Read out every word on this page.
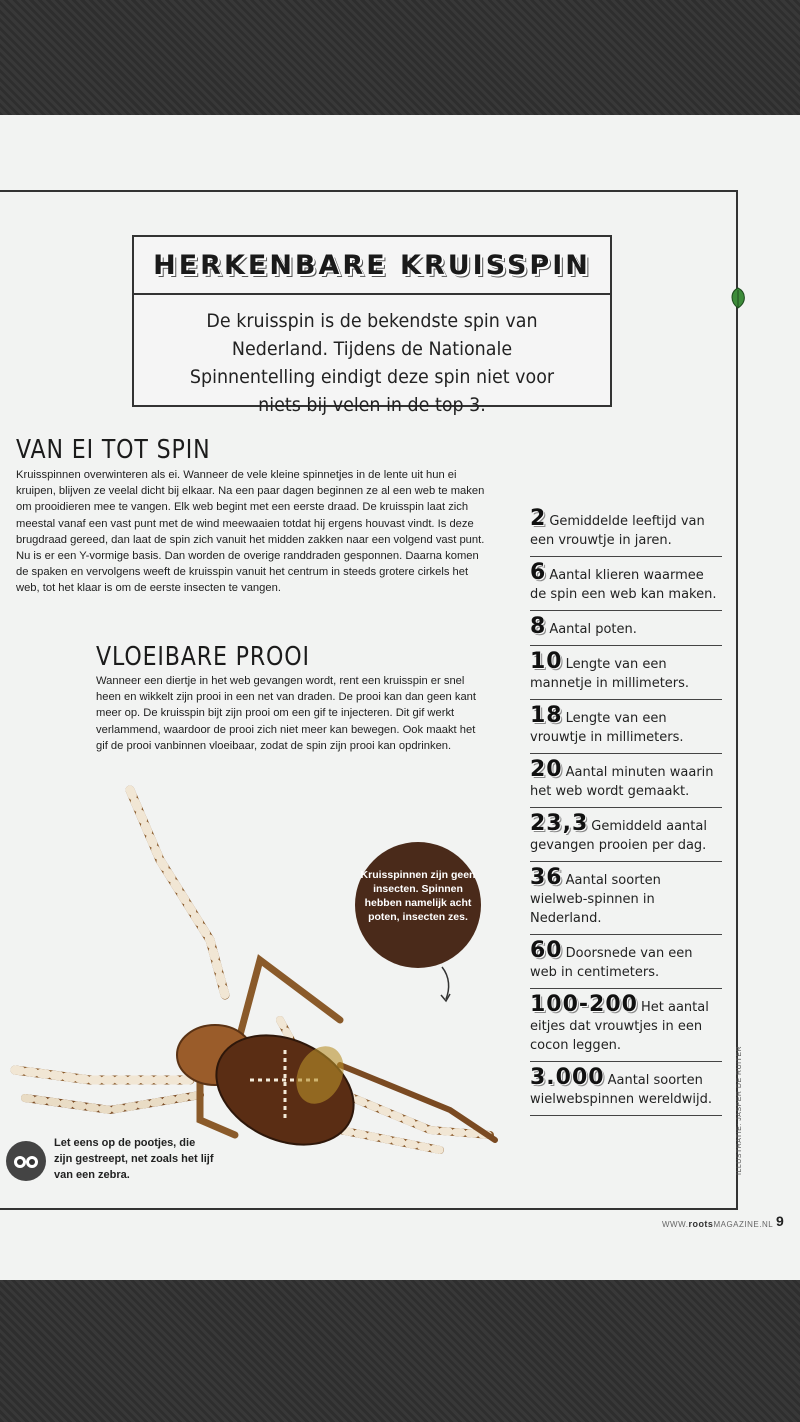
HERKENBARE KRUISSPIN

De kruisspin is de bekendste spin van Nederland. Tijdens de Nationale Spinnentelling eindigt deze spin niet voor niets bij velen in de top 3.

VAN EI TOT SPIN
Kruisspinnen overwinteren als ei. Wanneer de vele kleine spinnetjes in de lente uit hun ei kruipen, blijven ze veelal dicht bij elkaar. Na een paar dagen beginnen ze al een web te maken om prooidieren mee te vangen. Elk web begint met een eerste draad. De kruisspin laat zich meestal vanaf een vast punt met de wind meewaaien totdat hij ergens houvast vindt. Is deze brugdraad gereed, dan laat de spin zich vanuit het midden zakken naar een volgend vast punt. Nu is er een Y-vormige basis. Dan worden de overige randdraden gesponnen. Daarna komen de spaken en vervolgens weeft de kruisspin vanuit het centrum in steeds grotere cirkels het web, tot het klaar is om de eerste insecten te vangen.
VLOEIBARE PROOI
Wanneer een diertje in het web gevangen wordt, rent een kruisspin er snel heen en wikkelt zijn prooi in een net van draden. De prooi kan dan geen kant meer op. De kruisspin bijt zijn prooi om een gif te injecteren. Dit gif werkt verlammend, waardoor de prooi zich niet meer kan bewegen. Ook maakt het gif de prooi vanbinnen vloeibaar, zodat de spin zijn prooi kan opdrinken.
2 Gemiddelde leeftijd van een vrouwtje in jaren.
6 Aantal klieren waarmee de spin een web kan maken.
8 Aantal poten.
10 Lengte van een mannetje in millimeters.
18 Lengte van een vrouwtje in millimeters.
20 Aantal minuten waarin het web wordt gemaakt.
23,3 Gemiddeld aantal gevangen prooien per dag.
36 Aantal soorten wielweb-spinnen in Nederland.
60 Doorsnede van een web in centimeters.
100-200 Het aantal eitjes dat vrouwtjes in een cocon leggen.
3.000 Aantal soorten wielwebspinnen wereldwijd.
Kruisspinnen zijn geen insecten. Spinnen hebben namelijk acht poten, insecten zes.
Let eens op de pootjes, die zijn gestreept, net zoals het lijf van een zebra.	ILLUSTRATIE: JASPER DE RUITER
WWW.rootsMAGAZINE.NL 9
